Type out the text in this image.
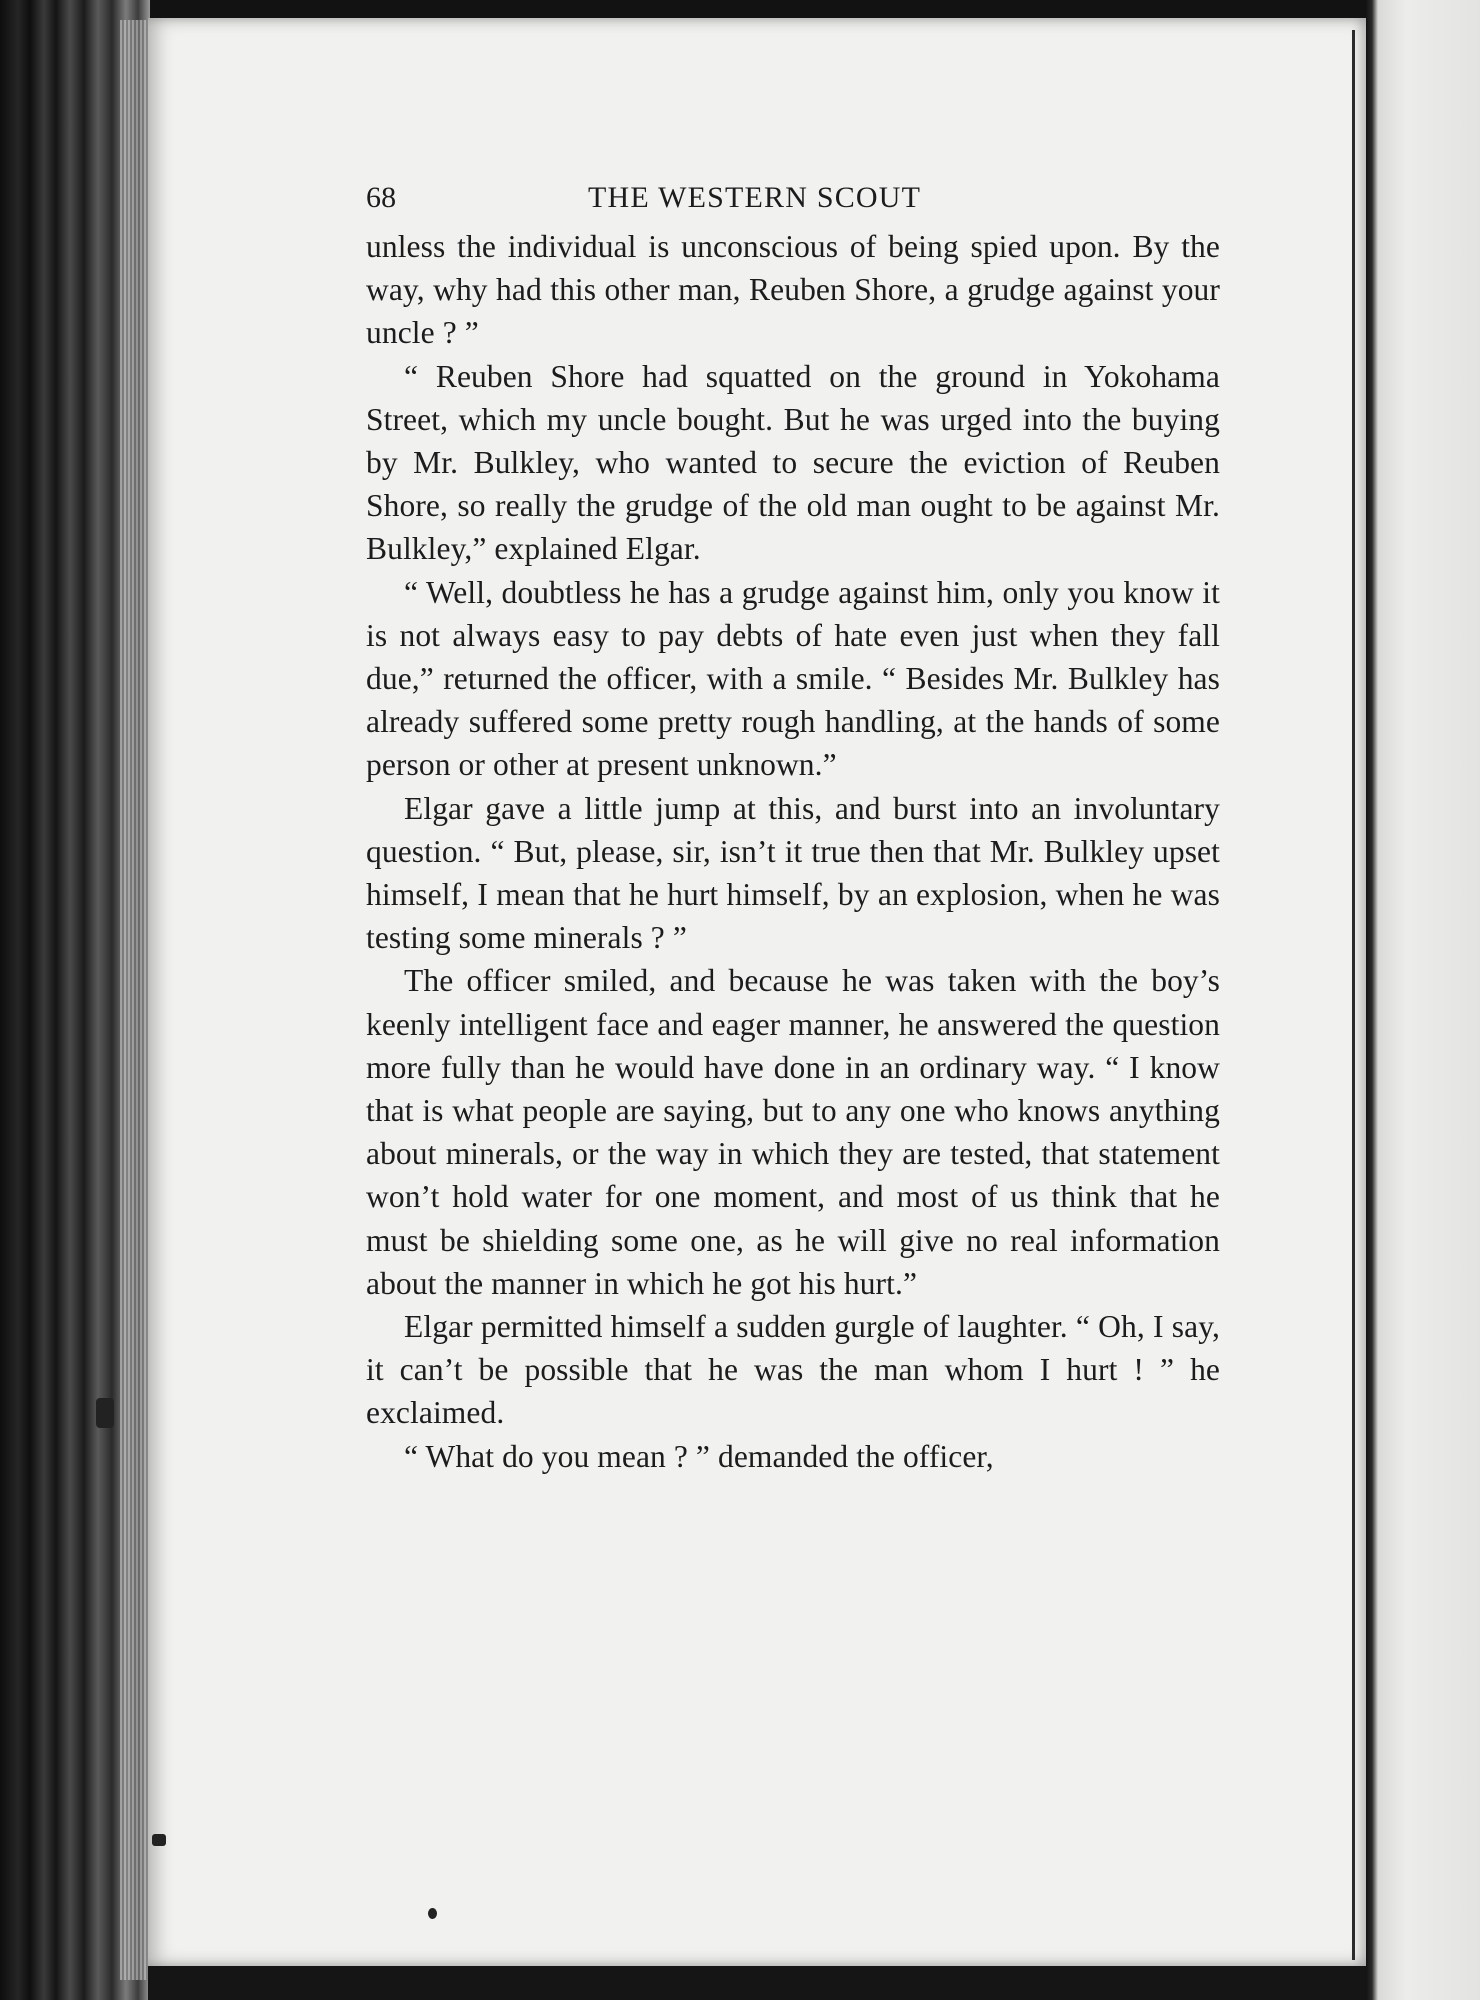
68	THE WESTERN SCOUT

unless the individual is unconscious of being spied upon. By the way, why had this other man, Reuben Shore, a grudge against your uncle ? ”

“ Reuben Shore had squatted on the ground in Yokohama Street, which my uncle bought. But he was urged into the buying by Mr. Bulkley, who wanted to secure the eviction of Reuben Shore, so really the grudge of the old man ought to be against Mr. Bulkley,” explained Elgar.

“ Well, doubtless he has a grudge against him, only you know it is not always easy to pay debts of hate even just when they fall due,” returned the officer, with a smile. “ Besides Mr. Bulkley has already suffered some pretty rough handling, at the hands of some person or other at present unknown.”

Elgar gave a little jump at this, and burst into an involuntary question. “ But, please, sir, isn’t it true then that Mr. Bulkley upset himself, I mean that he hurt himself, by an explosion, when he was testing some minerals ? ”

The officer smiled, and because he was taken with the boy’s keenly intelligent face and eager manner, he answered the question more fully than he would have done in an ordinary way. “ I know that is what people are saying, but to any one who knows anything about minerals, or the way in which they are tested, that statement won’t hold water for one moment, and most of us think that he must be shielding some one, as he will give no real information about the manner in which he got his hurt.”

Elgar permitted himself a sudden gurgle of laughter. “ Oh, I say, it can’t be possible that he was the man whom I hurt ! ” he exclaimed.

“ What do you mean ? ” demanded the officer,
